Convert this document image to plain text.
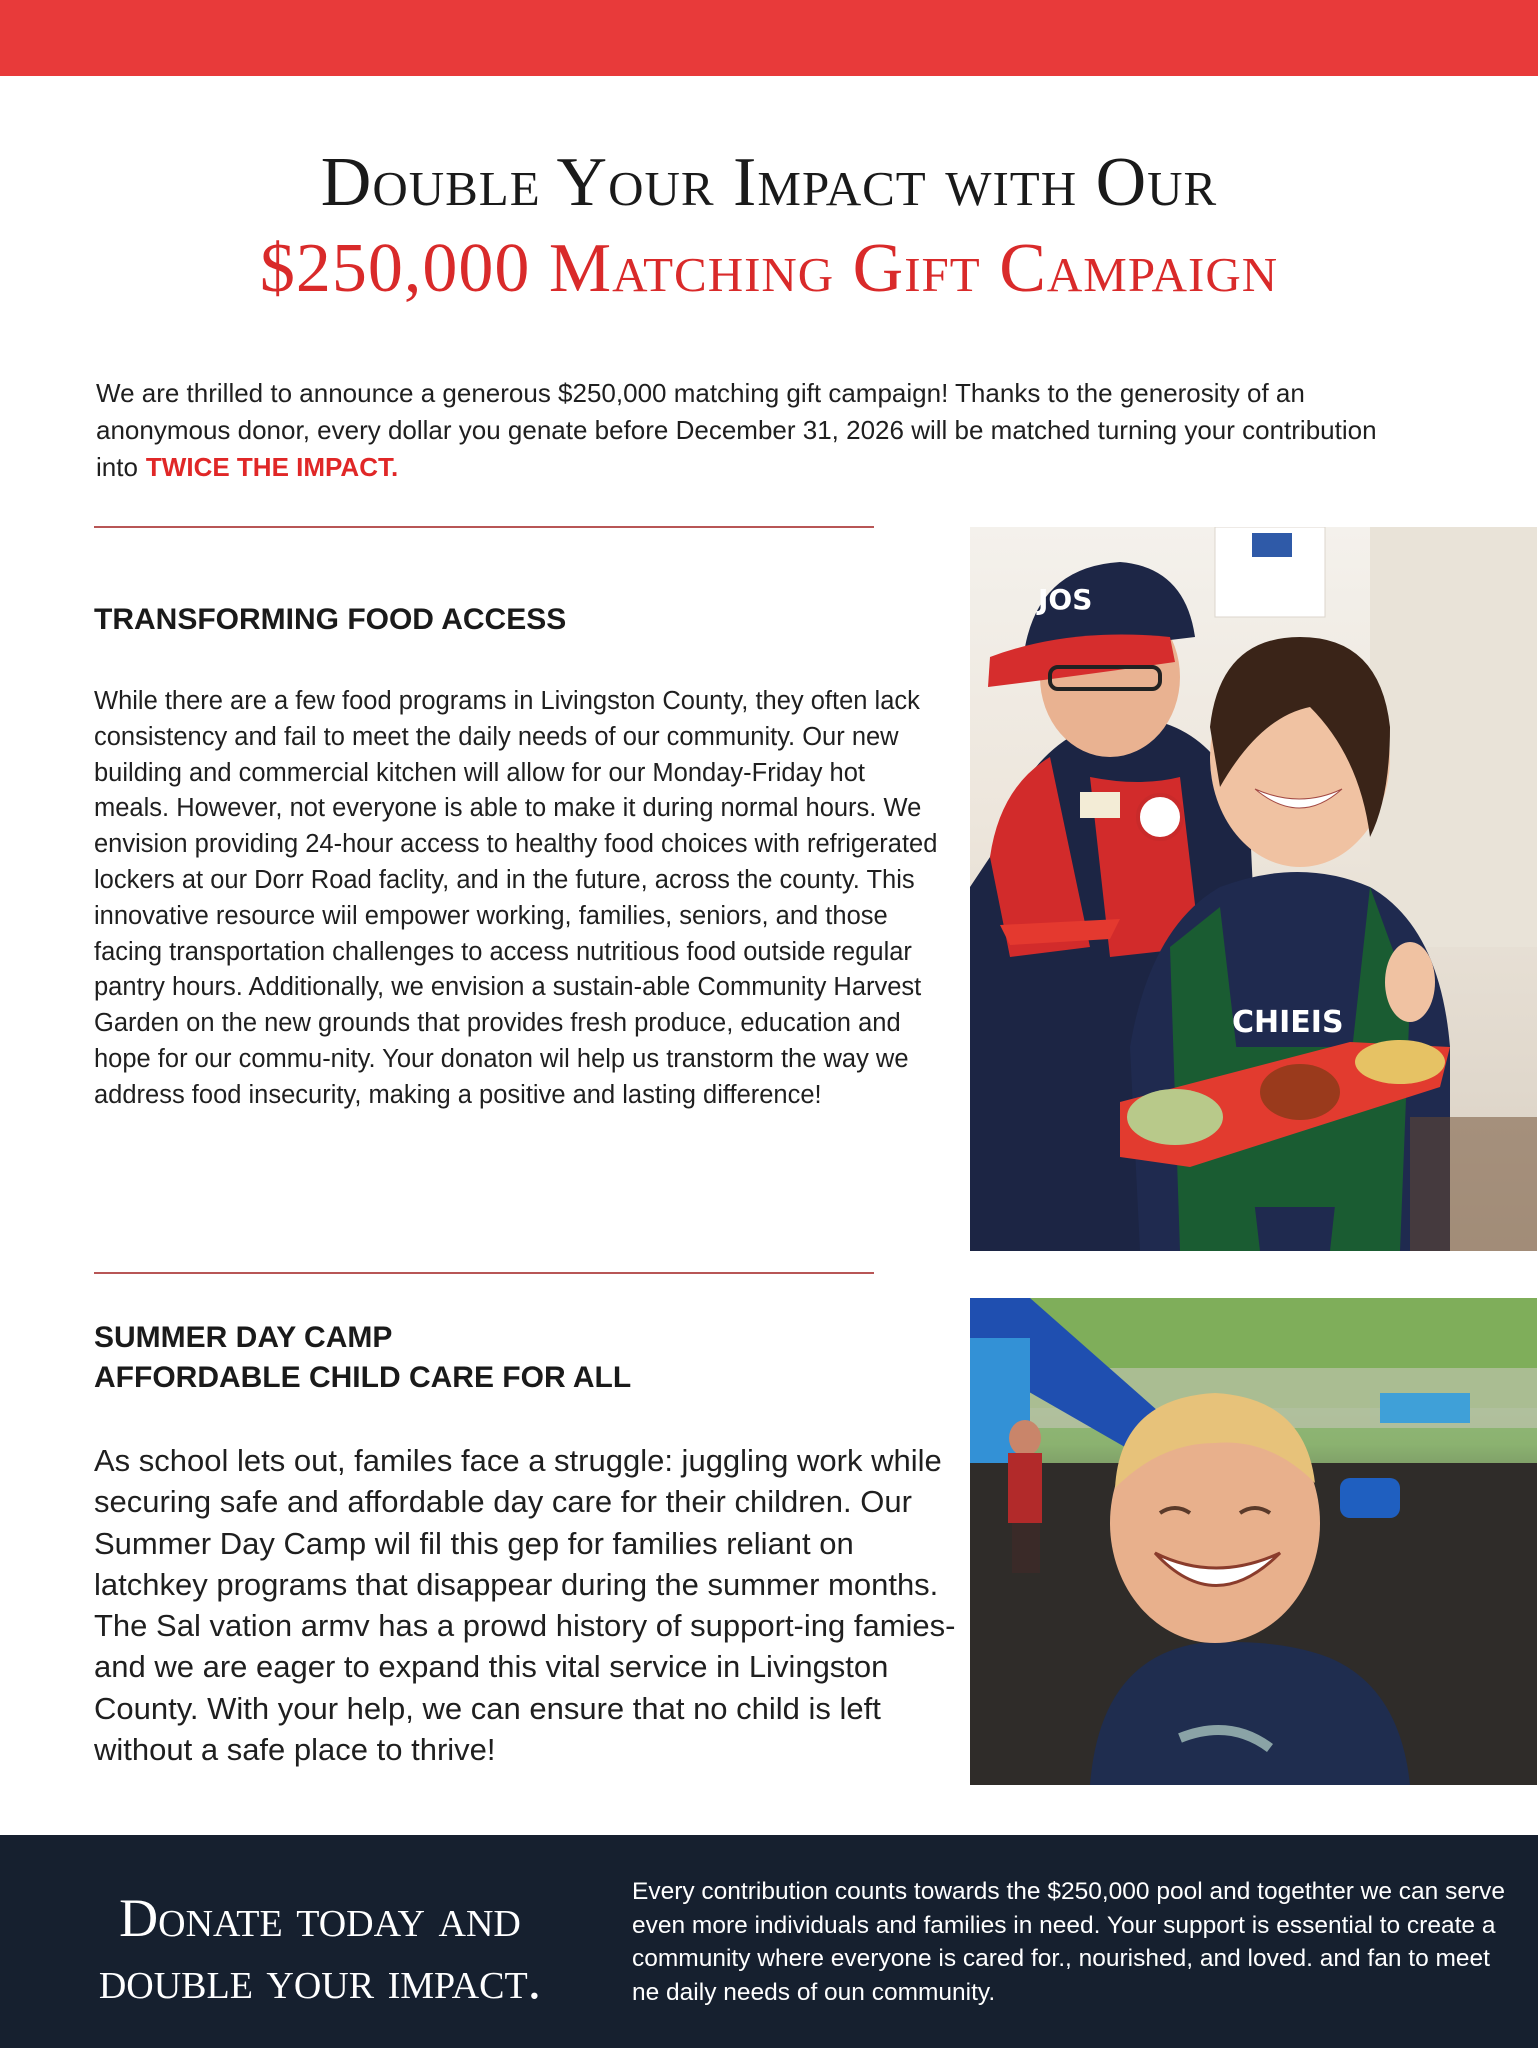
Double Your Impact with Our
$250,000 Matching Gift Campaign
We are thrilled to announce a generous $250,000 matching gift campaign! Thanks to the generosity of an anonymous donor, every dollar you genate before December 31, 2026 will be matched turning your contribution into TWICE THE IMPACT.
TRANSFORMING FOOD ACCESS
While there are a few food programs in Livingston County, they often lack consistency and fail to meet the daily needs of our community. Our new building and commercial kitchen will allow for our Monday-Friday hot meals. However, not everyone is able to make it during normal hours. We envision providing 24-hour access to healthy food choices with refrigerated lockers at our Dorr Road faclity, and in the future, across the county. This innovative resource wiil empower working, families, seniors, and those facing transportation challenges to access nutritious food outside regular pantry hours. Additionally, we envision a sustain-able Community Harvest Garden on the new grounds that provides fresh produce, education and hope for our commu-nity. Your donaton wil help us transtorm the way we address food insecurity, making a positive and lasting difference!
JOS
CHIEIS
SUMMER DAY CAMP
AFFORDABLE CHILD CARE FOR ALL
As school lets out, familes face a struggle: juggling work while securing safe and affordable day care for their children. Our Summer Day Camp wil fil this gep for families reliant on latchkey programs that disappear during the summer months. The Sal vation armv has a prowd history of support-ing famies-and we are eager to expand this vital service in Livingston County. With your help, we can ensure that no child is left without a safe place to thrive!
Donate today and
double your impact.
Every contribution counts towards the $250,000 pool and togethter we can serve even more individuals and families in need. Your support is essential to create a community where everyone is cared for., nourished, and loved. and fan to meet ne daily needs of oun community.
